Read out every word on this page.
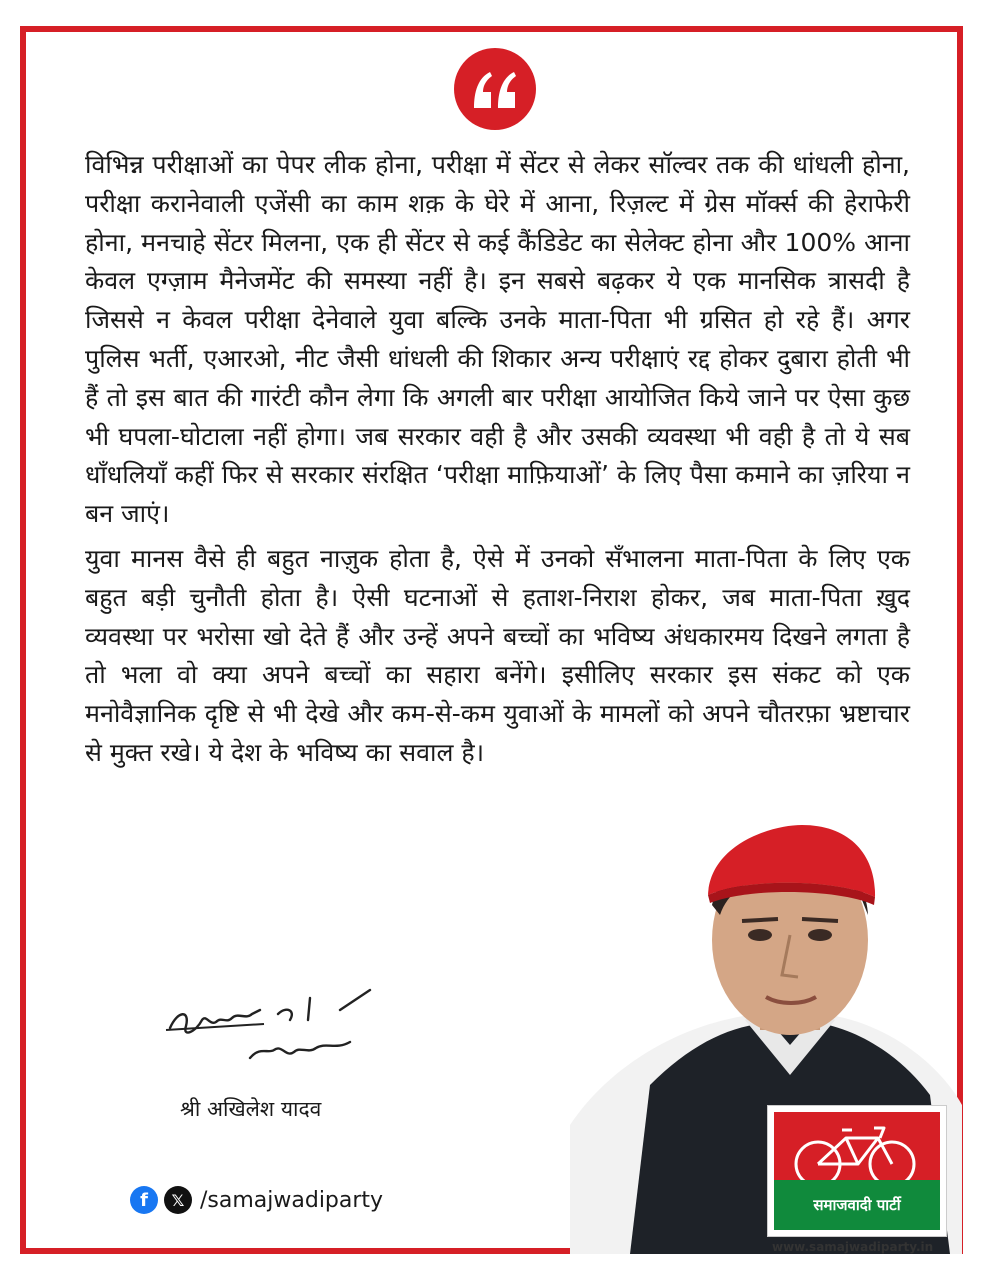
विभिन्न परीक्षाओं का पेपर लीक होना, परीक्षा में सेंटर से लेकर सॉल्वर तक की धांधली होना, परीक्षा करानेवाली एजेंसी का काम शक़ के घेरे में आना, रिज़ल्ट में ग्रेस मॉर्क्स की हेराफेरी होना, मनचाहे सेंटर मिलना, एक ही सेंटर से कई कैंडिडेट का सेलेक्ट होना और 100% आना केवल एग्ज़ाम मैनेजमेंट की समस्या नहीं है। इन सबसे बढ़कर ये एक मानसिक त्रासदी है जिससे न केवल परीक्षा देनेवाले युवा बल्कि उनके माता-पिता भी ग्रसित हो रहे हैं। अगर पुलिस भर्ती, एआरओ, नीट जैसी धांधली की शिकार अन्य परीक्षाएं रद्द होकर दुबारा होती भी हैं तो इस बात की गारंटी कौन लेगा कि अगली बार परीक्षा आयोजित किये जाने पर ऐसा कुछ भी घपला-घोटाला नहीं होगा। जब सरकार वही है और उसकी व्यवस्था भी वही है तो ये सब धाँधलियाँ कहीं फिर से सरकार संरक्षित ‘परीक्षा माफ़ियाओं’ के लिए पैसा कमाने का ज़रिया न बन जाएं।

युवा मानस वैसे ही बहुत नाज़ुक होता है, ऐसे में उनको सँभालना माता-पिता के लिए एक बहुत बड़ी चुनौती होता है। ऐसी घटनाओं से हताश-निराश होकर, जब माता-पिता ख़ुद व्यवस्था पर भरोसा खो देते हैं और उन्हें अपने बच्चों का भविष्य अंधकारमय दिखने लगता है तो भला वो क्या अपने बच्चों का सहारा बनेंगे। इसीलिए सरकार इस संकट को एक मनोवैज्ञानिक दृष्टि से भी देखे और कम-से-कम युवाओं के मामलों को अपने चौतरफ़ा भ्रष्टाचार से मुक्त रखे। ये देश के भविष्य का सवाल है।

श्री अखिलेश यादव
f	𝕏 /samajwadiparty	समाजवादी पार्टी
www.samajwadiparty.in
